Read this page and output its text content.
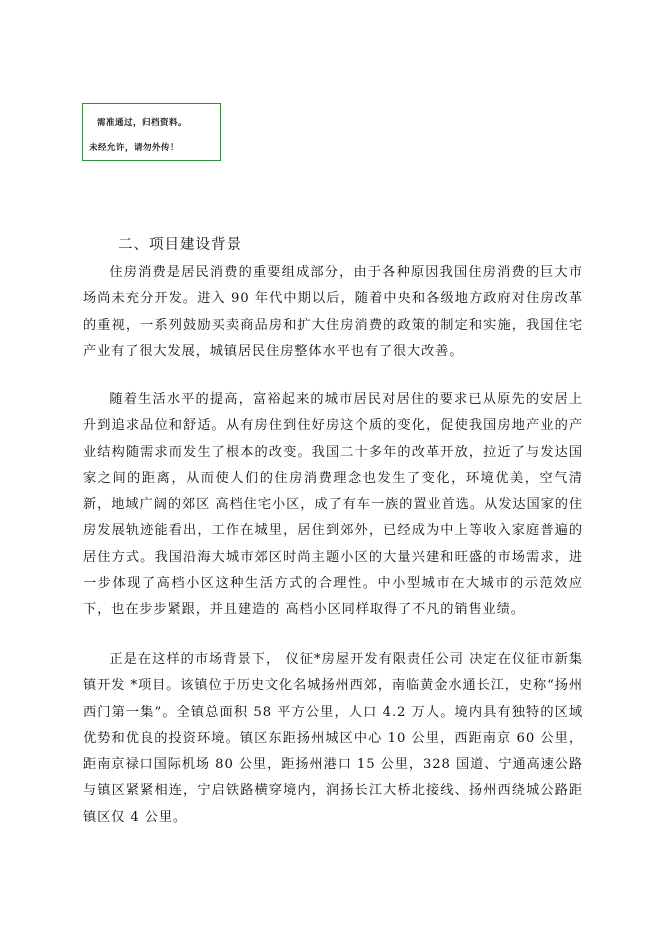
需准通过，归档资料。
未经允许，请勿外传！
二、项目建设背景

住房消费是居民消费的重要组成部分，由于各种原因我国住房消费的巨大市场尚未充分开发。进入 90 年代中期以后，随着中央和各级地方政府对住房改革的重视，一系列鼓励买卖商品房和扩大住房消费的政策的制定和实施，我国住宅产业有了很大发展，城镇居民住房整体水平也有了很大改善。

随着生活水平的提高，富裕起来的城市居民对居住的要求已从原先的安居上升到追求品位和舒适。从有房住到住好房这个质的变化，促使我国房地产业的产业结构随需求而发生了根本的改变。我国二十多年的改革开放，拉近了与发达国家之间的距离，从而使人们的住房消费理念也发生了变化，环境优美，空气清新，地域广阔的郊区 高档住宅小区，成了有车一族的置业首选。从发达国家的住房发展轨迹能看出，工作在城里，居住到郊外，已经成为中上等收入家庭普遍的居住方式。我国沿海大城市郊区时尚主题小区的大量兴建和旺盛的市场需求，进一步体现了高档小区这种生活方式的合理性。中小型城市在大城市的示范效应下，也在步步紧跟，并且建造的 高档小区同样取得了不凡的销售业绩。

正是在这样的市场背景下， 仪征*房屋开发有限责任公司 决定在仪征市新集镇开发 *项目。该镇位于历史文化名城扬州西郊，南临黄金水通长江，史称“扬州西门第一集”。全镇总面积 58 平方公里，人口 4.2 万人。境内具有独特的区域优势和优良的投资环境。镇区东距扬州城区中心 10 公里，西距南京 60 公里，距南京禄口国际机场 80 公里，距扬州港口 15 公里，328 国道、宁通高速公路与镇区紧紧相连，宁启铁路横穿境内，润扬长江大桥北接线、扬州西绕城公路距镇区仅 4 公里。
